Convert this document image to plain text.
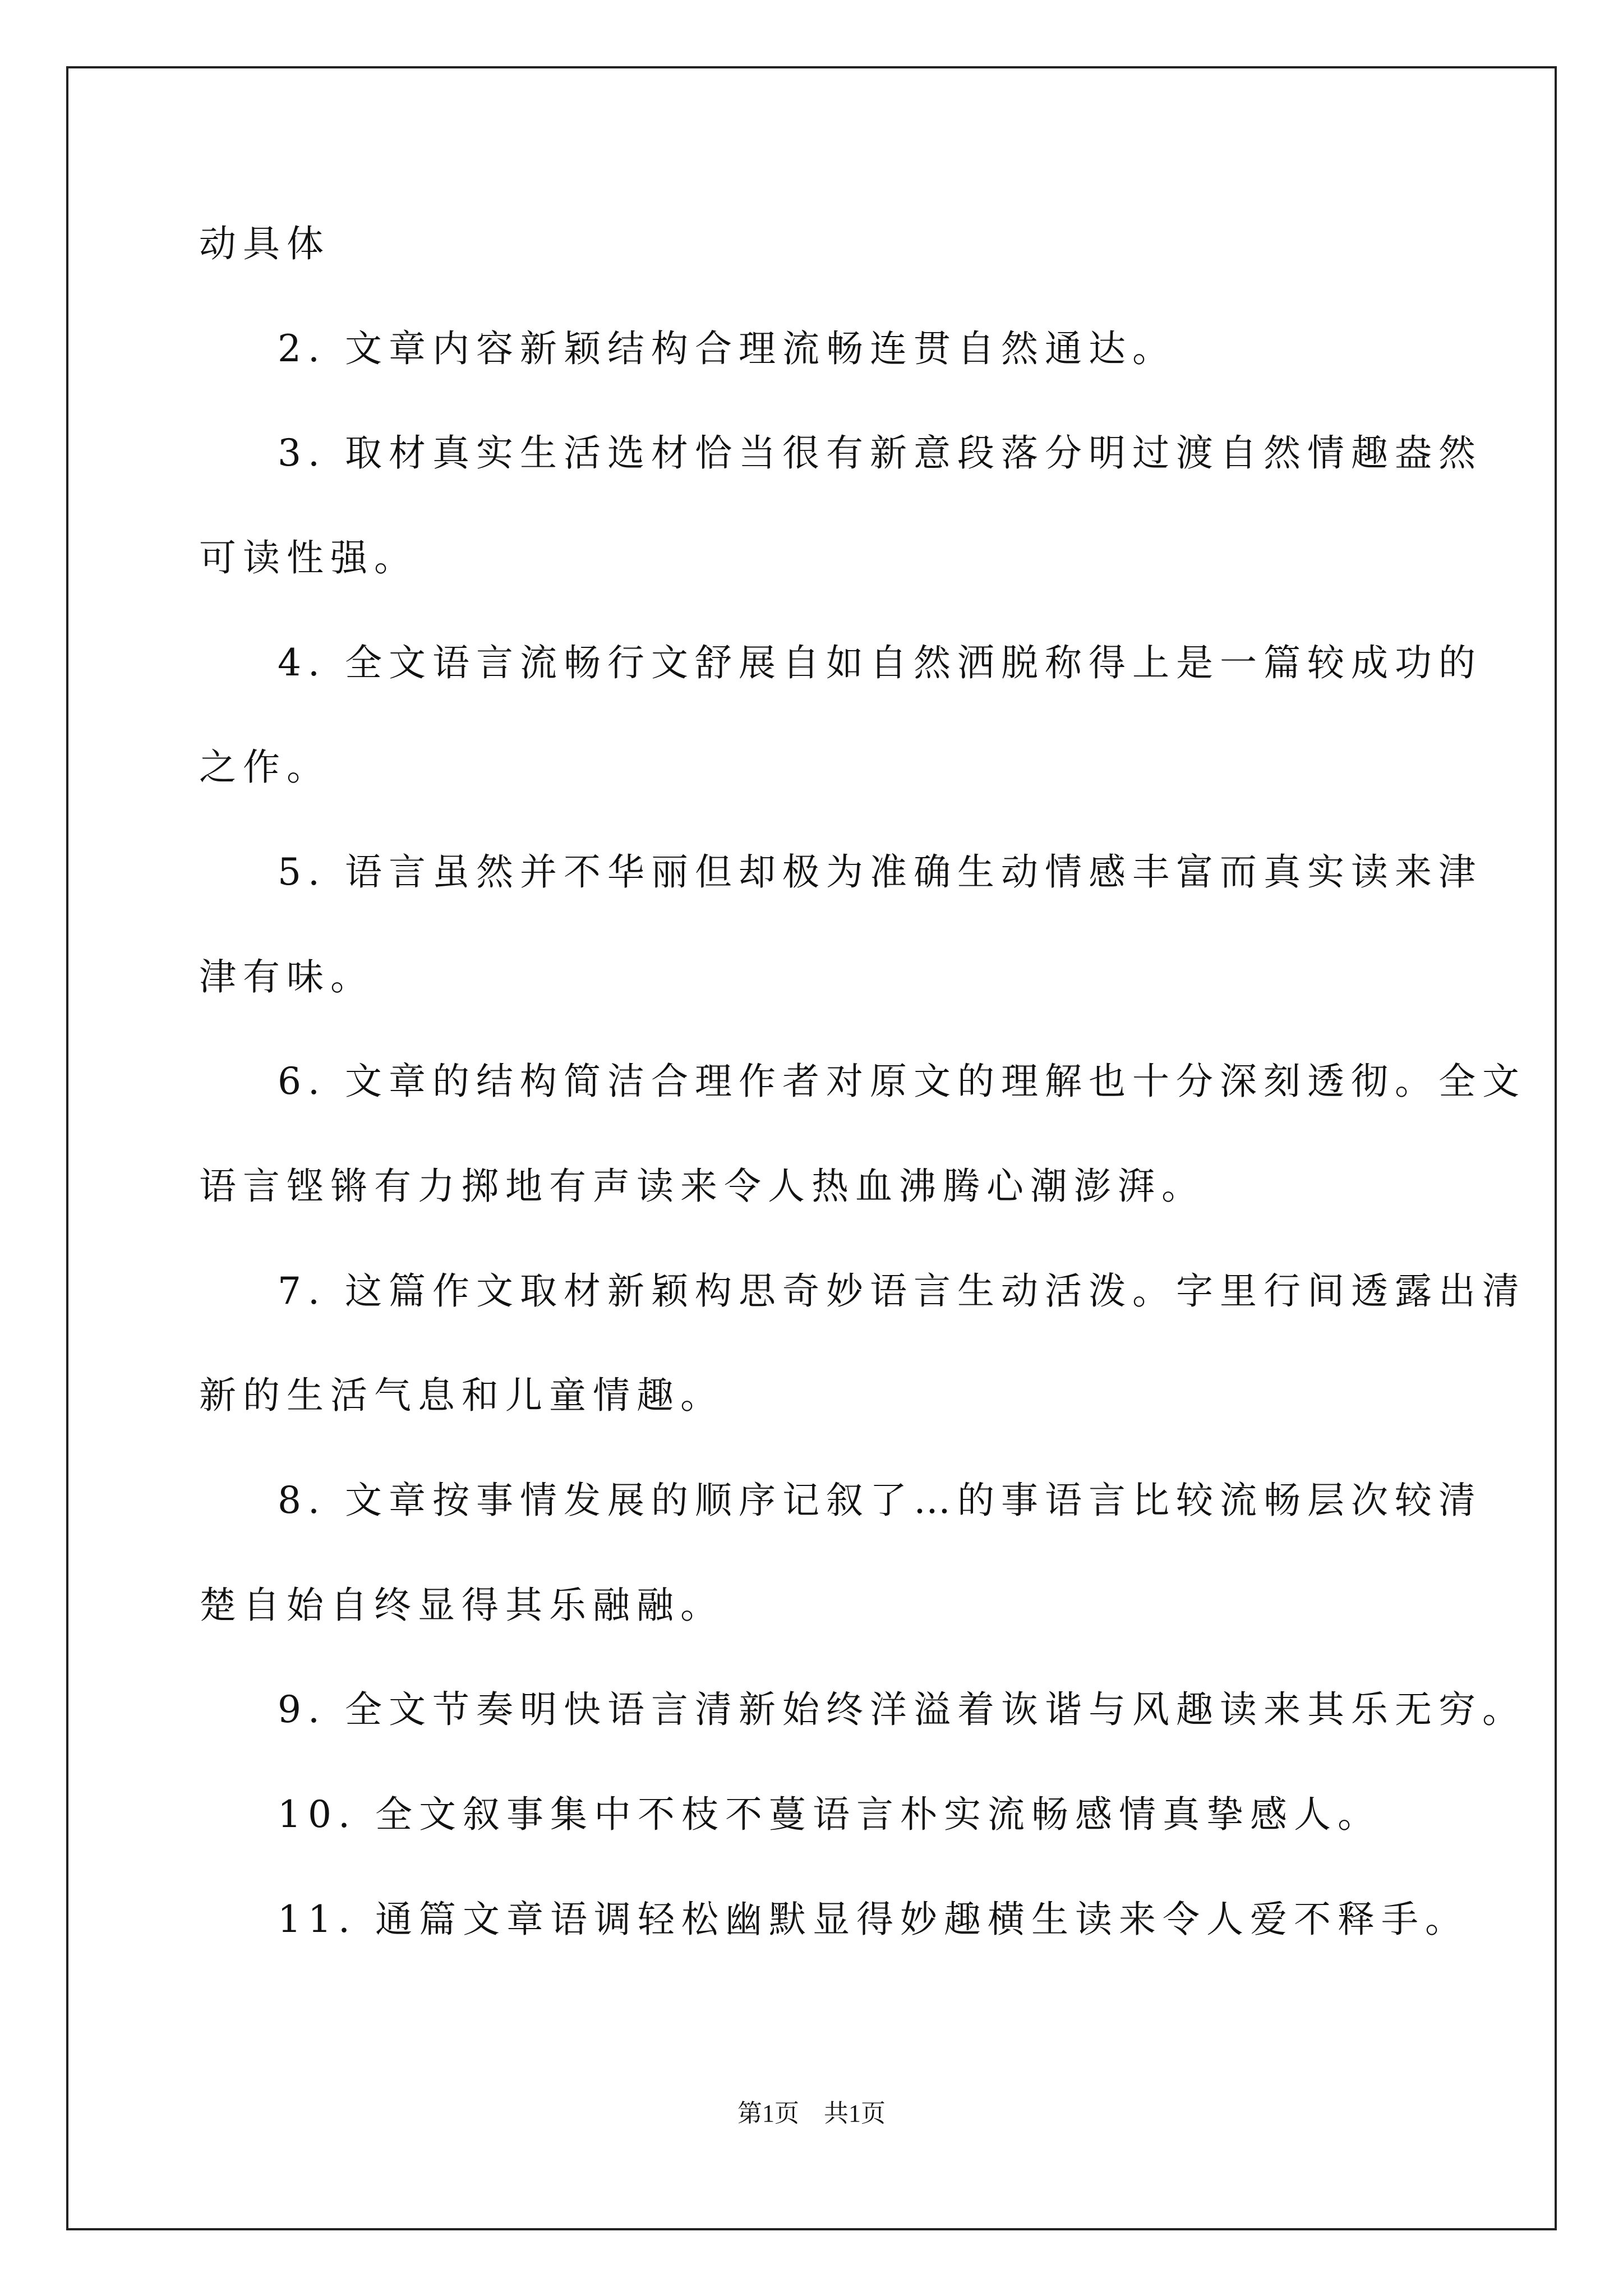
第1页　共1页
动具体
2. 文章内容新颖结构合理流畅连贯自然通达。
3. 取材真实生活选材恰当很有新意段落分明过渡自然情趣盎然
可读性强。
4. 全文语言流畅行文舒展自如自然洒脱称得上是一篇较成功的
之作。
5. 语言虽然并不华丽但却极为准确生动情感丰富而真实读来津
津有味。
6. 文章的结构简洁合理作者对原文的理解也十分深刻透彻。全文
语言铿锵有力掷地有声读来令人热血沸腾心潮澎湃。
7. 这篇作文取材新颖构思奇妙语言生动活泼。字里行间透露出清
新的生活气息和儿童情趣。
8. 文章按事情发展的顺序记叙了…的事语言比较流畅层次较清
楚自始自终显得其乐融融。
9. 全文节奏明快语言清新始终洋溢着诙谐与风趣读来其乐无穷。
10. 全文叙事集中不枝不蔓语言朴实流畅感情真挚感人。
11. 通篇文章语调轻松幽默显得妙趣横生读来令人爱不释手。
